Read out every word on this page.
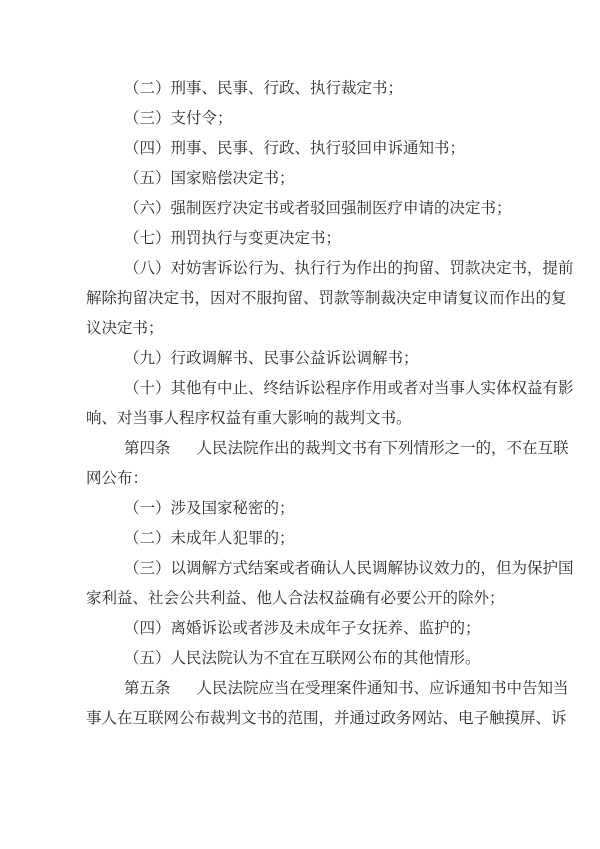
（二）刑事、民事、行政、执行裁定书；
（三）支付令；
（四）刑事、民事、行政、执行驳回申诉通知书；
（五）国家赔偿决定书；
（六）强制医疗决定书或者驳回强制医疗申请的决定书；
（七）刑罚执行与变更决定书；
（八）对妨害诉讼行为、执行行为作出的拘留、罚款决定书，提前
解除拘留决定书，因对不服拘留、罚款等制裁决定申请复议而作出的复
议决定书；
（九）行政调解书、民事公益诉讼调解书；
（十）其他有中止、终结诉讼程序作用或者对当事人实体权益有影
响、对当事人程序权益有重大影响的裁判文书。
第四条 人民法院作出的裁判文书有下列情形之一的，不在互联
网公布：
（一）涉及国家秘密的；
（二）未成年人犯罪的；
（三）以调解方式结案或者确认人民调解协议效力的，但为保护国
家利益、社会公共利益、他人合法权益确有必要公开的除外；
（四）离婚诉讼或者涉及未成年子女抚养、监护的；
（五）人民法院认为不宜在互联网公布的其他情形。
第五条 人民法院应当在受理案件通知书、应诉通知书中告知当
事人在互联网公布裁判文书的范围，并通过政务网站、电子触摸屏、诉
